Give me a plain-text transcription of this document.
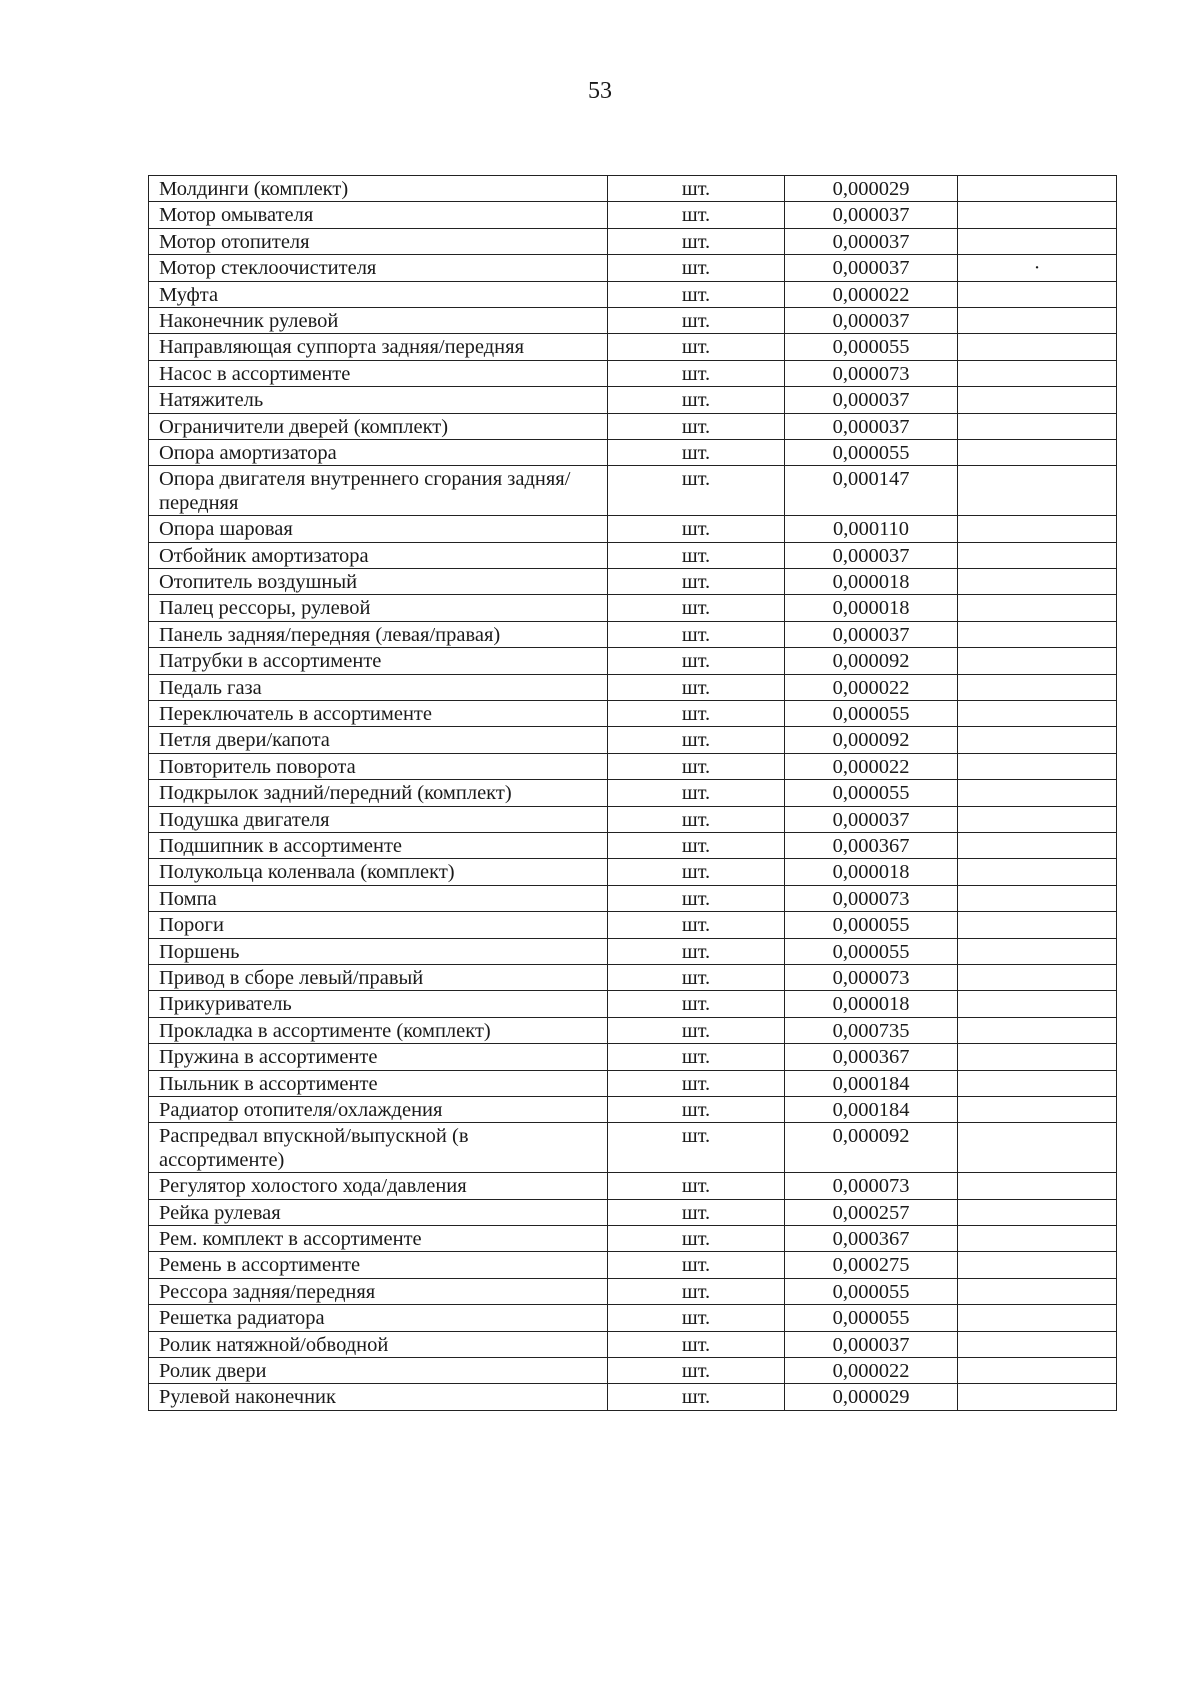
53
Молдинги (комплект)	шт.	0,000029	
Мотор омывателя	шт.	0,000037	
Мотор отопителя	шт.	0,000037	
Мотор стеклоочистителя	шт.	0,000037	·
Муфта	шт.	0,000022	
Наконечник рулевой	шт.	0,000037	
Направляющая суппорта задняя/передняя	шт.	0,000055	
Насос в ассортименте	шт.	0,000073	
Натяжитель	шт.	0,000037	
Ограничители дверей (комплект)	шт.	0,000037	
Опора амортизатора	шт.	0,000055	
Опора двигателя внутреннего сгорания задняя/передняя	шт.	0,000147	
Опора шаровая	шт.	0,000110	
Отбойник амортизатора	шт.	0,000037	
Отопитель воздушный	шт.	0,000018	
Палец рессоры, рулевой	шт.	0,000018	
Панель задняя/передняя (левая/правая)	шт.	0,000037	
Патрубки в ассортименте	шт.	0,000092	
Педаль газа	шт.	0,000022	
Переключатель в ассортименте	шт.	0,000055	
Петля двери/капота	шт.	0,000092	
Повторитель поворота	шт.	0,000022	
Подкрылок задний/передний (комплект)	шт.	0,000055	
Подушка двигателя	шт.	0,000037	
Подшипник в ассортименте	шт.	0,000367	
Полукольца коленвала (комплект)	шт.	0,000018	
Помпа	шт.	0,000073	
Пороги	шт.	0,000055	
Поршень	шт.	0,000055	
Привод в сборе левый/правый	шт.	0,000073	
Прикуриватель	шт.	0,000018	
Прокладка в ассортименте (комплект)	шт.	0,000735	
Пружина в ассортименте	шт.	0,000367	
Пыльник в ассортименте	шт.	0,000184	
Радиатор отопителя/охлаждения	шт.	0,000184	
Распредвал впускной/выпускной (в ассортименте)	шт.	0,000092	
Регулятор холостого хода/давления	шт.	0,000073	
Рейка рулевая	шт.	0,000257	
Рем. комплект в ассортименте	шт.	0,000367	
Ремень в ассортименте	шт.	0,000275	
Рессора задняя/передняя	шт.	0,000055	
Решетка радиатора	шт.	0,000055	
Ролик натяжной/обводной	шт.	0,000037	
Ролик двери	шт.	0,000022	
Рулевой наконечник	шт.	0,000029	
